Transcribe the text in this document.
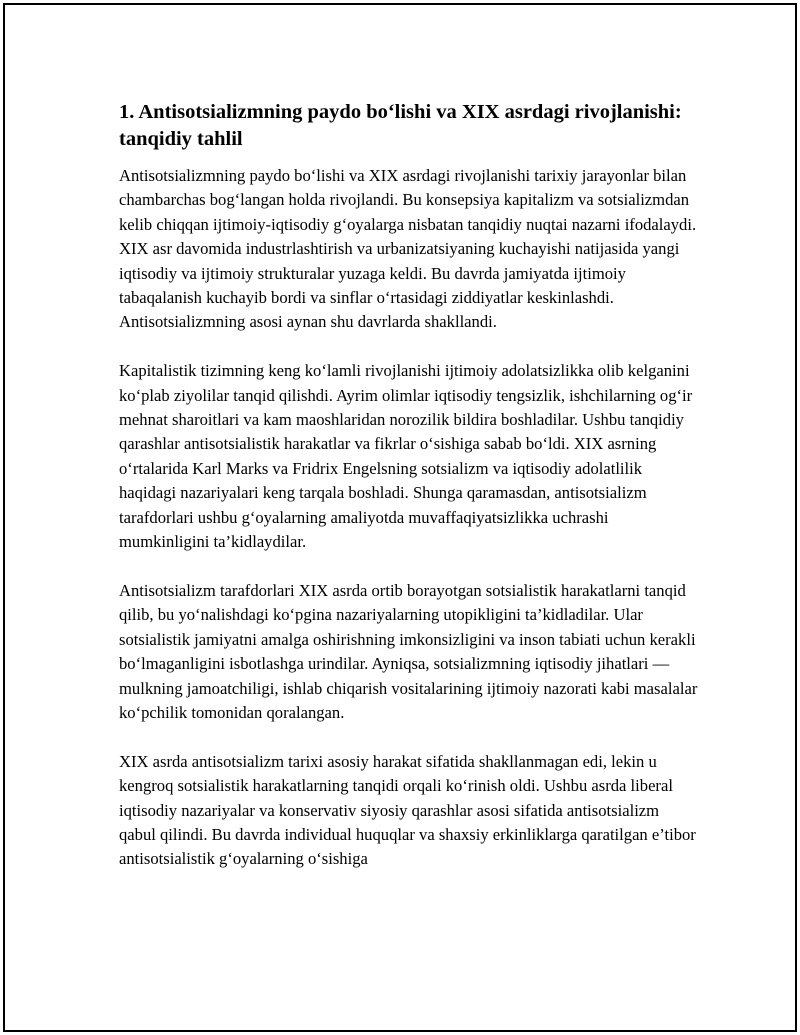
1. Antisotsializmning paydo bo‘lishi va XIX asrdagi rivojlanishi: tanqidiy tahlil

Antisotsializmning paydo bo‘lishi va XIX asrdagi rivojlanishi tarixiy jarayonlar bilan chambarchas bog‘langan holda rivojlandi. Bu konsepsiya kapitalizm va sotsializmdan kelib chiqqan ijtimoiy-iqtisodiy g‘oyalarga nisbatan tanqidiy nuqtai nazarni ifodalaydi. XIX asr davomida industrlashtirish va urbanizatsiyaning kuchayishi natijasida yangi iqtisodiy va ijtimoiy strukturalar yuzaga keldi. Bu davrda jamiyatda ijtimoiy tabaqalanish kuchayib bordi va sinflar o‘rtasidagi ziddiyatlar keskinlashdi. Antisotsializmning asosi aynan shu davrlarda shakllandi.

Kapitalistik tizimning keng ko‘lamli rivojlanishi ijtimoiy adolatsizlikka olib kelganini ko‘plab ziyolilar tanqid qilishdi. Ayrim olimlar iqtisodiy tengsizlik, ishchilarning og‘ir mehnat sharoitlari va kam maoshlaridan norozilik bildira boshladilar. Ushbu tanqidiy qarashlar antisotsialistik harakatlar va fikrlar o‘sishiga sabab bo‘ldi. XIX asrning o‘rtalarida Karl Marks va Fridrix Engelsning sotsializm va iqtisodiy adolatlilik haqidagi nazariyalari keng tarqala boshladi. Shunga qaramasdan, antisotsializm tarafdorlari ushbu g‘oyalarning amaliyotda muvaffaqiyatsizlikka uchrashi mumkinligini ta’kidlaydilar.

Antisotsializm tarafdorlari XIX asrda ortib borayotgan sotsialistik harakatlarni tanqid qilib, bu yo‘nalishdagi ko‘pgina nazariyalarning utopikligini ta’kidladilar. Ular sotsialistik jamiyatni amalga oshirishning imkonsizligini va inson tabiati uchun kerakli bo‘lmaganligini isbotlashga urindilar. Ayniqsa, sotsializmning iqtisodiy jihatlari — mulkning jamoatchiligi, ishlab chiqarish vositalarining ijtimoiy nazorati kabi masalalar ko‘pchilik tomonidan qoralangan.

XIX asrda antisotsializm tarixi asosiy harakat sifatida shakllanmagan edi, lekin u kengroq sotsialistik harakatlarning tanqidi orqali ko‘rinish oldi. Ushbu asrda liberal iqtisodiy nazariyalar va konservativ siyosiy qarashlar asosi sifatida antisotsializm qabul qilindi. Bu davrda individual huquqlar va shaxsiy erkinliklarga qaratilgan e’tibor antisotsialistik g‘oyalarning o‘sishiga
